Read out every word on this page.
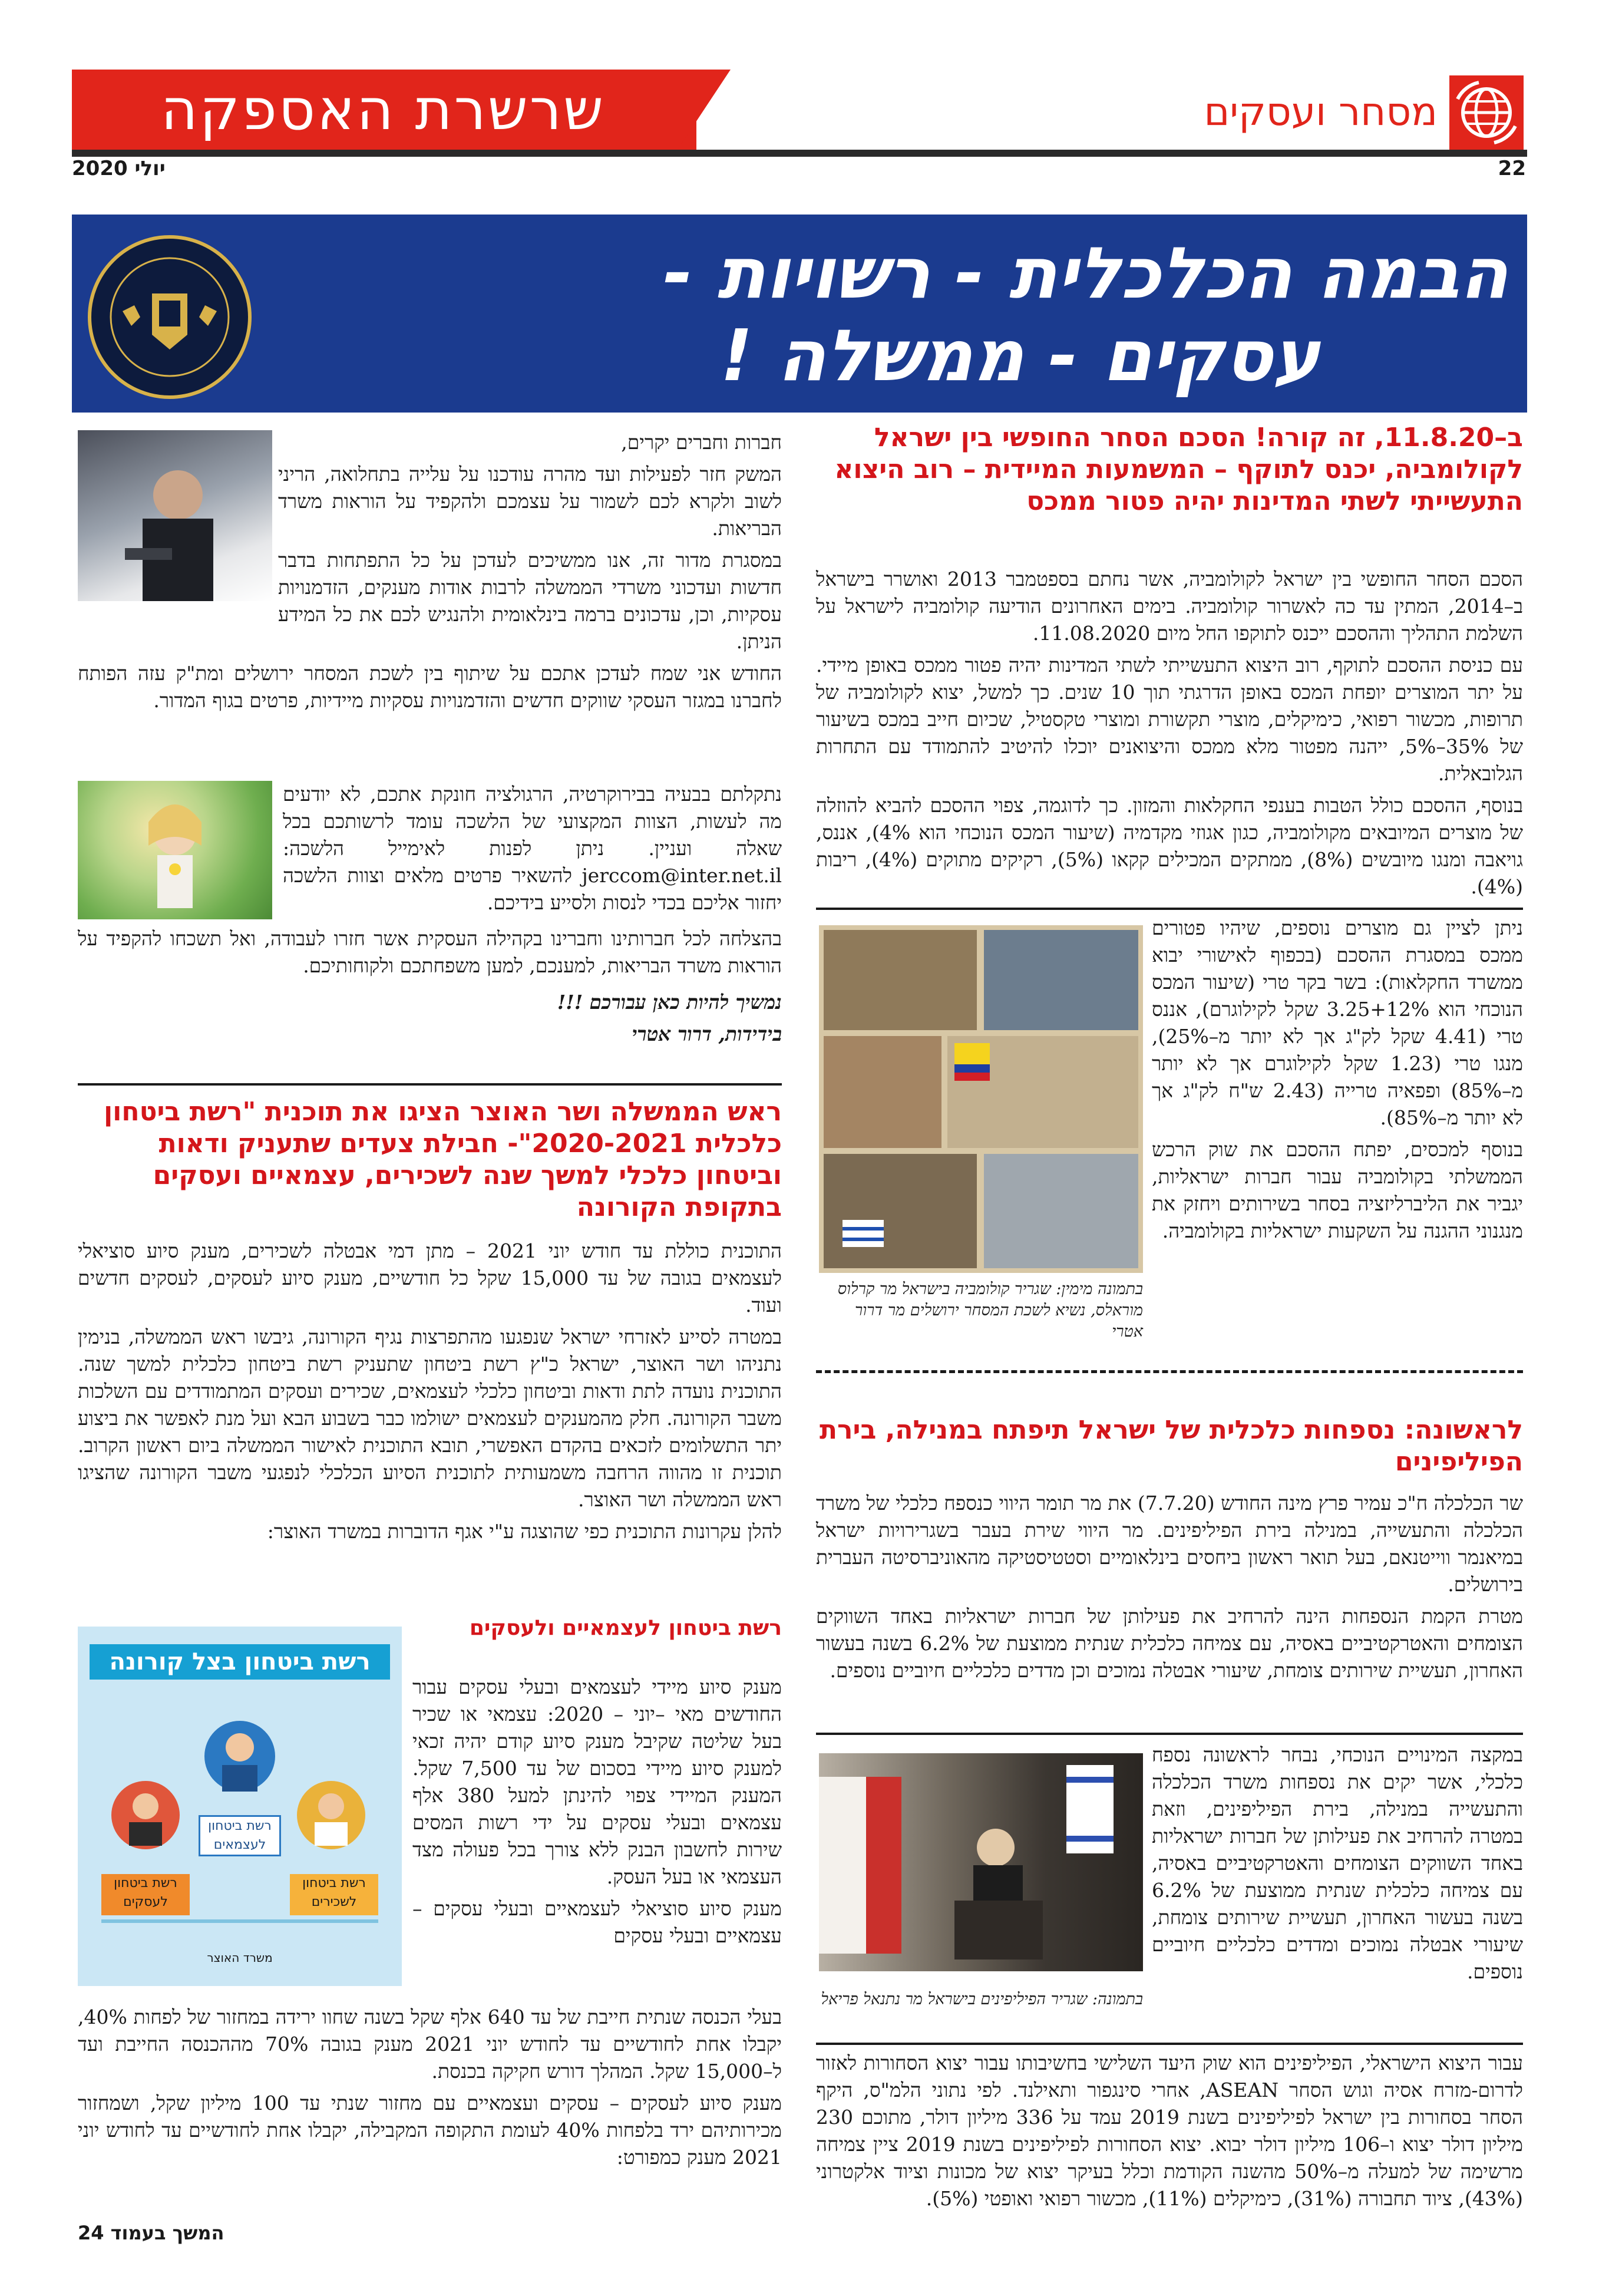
שרשרת האספקה	מסחר ועסקים
יולי 2020	22
הבמה הכלכלית - רשויות -
עסקים - ממשלה !
ב–11.8.20, זה קורה! הסכם הסחר החופשי בין ישראל לקולומביה, יכנס לתוקף – המשמעות המיידית – רוב היצוא התעשייתי לשתי המדינות יהיה פטור ממכס

הסכם הסחר החופשי בין ישראל לקולומביה, אשר נחתם בספטמבר 2013 ואושרר בישראל ב–2014, המתין עד כה לאשרור קולומביה. בימים האחרונים הודיעה קולומביה לישראל על השלמת התהליך וההסכם ייכנס לתוקפו החל מיום 11.08.2020.

עם כניסת ההסכם לתוקף, רוב היצוא התעשייתי לשתי המדינות יהיה פטור ממכס באופן מיידי. על יתר המוצרים יופחת המכס באופן הדרגתי תוך 10 שנים. כך למשל, יצוא לקולומביה של תרופות, מכשור רפואי, כימיקלים, מוצרי תקשורת ומוצרי טקסטיל, שכיום חייב במכס בשיעור של 35%–5%, ייהנה מפטור מלא ממכס והיצואנים יוכלו להיטיב להתמודד עם התחרות הגלובאלית.

בנוסף, ההסכם כולל הטבות בענפי החקלאות והמזון. כך לדוגמה, צפוי ההסכם להביא להוזלה של מוצרים המיובאים מקולומביה, כגון אגוזי מקדמיה (שיעור המכס הנוכחי הוא 4%), אננס, גויאבה ומנגו מיובשים (8%), ממתקים המכילים קקאו (5%), רקיקים מתוקים (4%), ריבות (4%).

ניתן לציין גם מוצרים נוספים, שיהיו פטורים ממכס במסגרת ההסכם (בכפוף לאישורי יבוא ממשרד החקלאות): בשר בקר טרי (שיעור המכס הנוכחי הוא 12%+3.25 שקל לקילוגרם), אננס טרי (4.41 שקל לק"ג אך לא יותר מ–25%), מנגו טרי (1.23 שקל לקילוגרם אך לא יותר מ–85%) ופפאיה טרייה (2.43 ש"ח לק"ג אך לא יותר מ–85%).

בנוסף למכסים, יפתח ההסכם את שוק הרכש הממשלתי בקולומביה עבור חברות ישראליות, יגביר את הליברליזציה בסחר בשירותים ויחזק את מנגנוני ההגנה על השקעות ישראליות בקולומביה.

בתמונה מימין: שגריר קולומביה בישראל מר קרלוס מוראלס, נשיא לשכת המסחר ירושלים מר דרור אטרי
לראשונה: נספחות כלכלית של ישראל תיפתח במנילה, בירת הפיליפינים

שר הכלכלה ח"כ עמיר פרץ מינה החודש (7.7.20) את מר תומר היווי כנספח כלכלי של משרד הכלכלה והתעשייה, במנילה בירת הפיליפינים. מר היווי שירת בעבר בשגרירויות ישראל במיאנמר ווייטנאם, בעל תואר ראשון ביחסים בינלאומיים וסטטיסטיקה מהאוניברסיטה העברית בירושלים.

מטרת הקמת הנספחות הינה להרחיב את פעילותן של חברות ישראליות באחד השווקים הצומחים והאטרקטיביים באסיה, עם צמיחה כלכלית שנתית ממוצעת של 6.2% בשנה בעשור האחרון, תעשיית שירותים צומחת, שיעורי אבטלה נמוכים וכן מדדים כלכליים חיוביים נוספים.

במקצה המינויים הנוכחי, נבחר לראשונה נספח כלכלי, אשר יקים את נספחות משרד הכלכלה והתעשייה במנילה, בירת הפיליפינים, וזאת במטרה להרחיב את פעילותן של חברות ישראליות באחד השווקים הצומחים והאטרקטיביים באסיה, עם צמיחה כלכלית שנתית ממוצעת של 6.2% בשנה בעשור האחרון, תעשיית שירותים צומחת, שיעורי אבטלה נמוכים ומדדים כלכליים חיוביים נוספים.

בתמונה: שגריר הפיליפינים בישראל מר נתנאל פריאל

עבור היצוא הישראלי, הפיליפינים הוא שוק היעד השלישי בחשיבותו עבור יצוא הסחורות לאזור לדרום-מזרח אסיה וגוש הסחר ASEAN, אחרי סינגפור ותאילנד. לפי נתוני הלמ"ס, היקף הסחר בסחורות בין ישראל לפיליפינים בשנת 2019 עמד על 336 מיליון דולר, מתוכם 230 מיליון דולר יצוא ו–106 מיליון דולר יבוא. יצוא הסחורות לפיליפינים בשנת 2019 ציין צמיחה מרשימה של למעלה מ–50% מהשנה הקודמת וכלל בעיקר יצוא של מכונות וציוד אלקטרוני (43%), ציוד תחבורה (31%), כימיקלים (11%), מכשור רפואי ואופטי (5%).

חברות וחברים יקרים,

המשק חזר לפעילות ועד מהרה עודכנו על עלייה בתחלואה, הריני לשוב ולקרא לכם לשמור על עצמכם ולהקפיד על הוראות משרד הבריאות.

במסגרת מדור זה, אנו ממשיכים לעדכן על כל התפתחות בדבר חדשות ועדכוני משרדי הממשלה לרבות אודות מענקים, הזדמנויות עסקיות, וכן, עדכונים ברמה בינלאומית ולהנגיש לכם את כל המידע הניתן.

החודש אני שמח לעדכן אתכם על שיתוף בין לשכת המסחר ירושלים ומת"ק עזה הפותח לחברנו במגזר העסקי שווקים חדשים והזדמנויות עסקיות מיידיות, פרטים בגוף המדור.

נתקלתם בבעיה בבירוקרטיה, הרגולציה חונקת אתכם, לא יודעים מה לעשות, הצוות המקצועי של הלשכה עומד לרשותכם בכל שאלה ועניין. ניתן לפנות לאימייל הלשכה: jerccom@inter.net.il להשאיר פרטים מלאים וצוות הלשכה יחזור אליכם בכדי לנסות ולסייע בידיכם.

בהצלחה לכל חברותינו וחברינו בקהילה העסקית אשר חזרו לעבודה, ואל תשכחו להקפיד על הוראות משרד הבריאות, למענכם, למען משפחתכם ולקוחותיכם.

נמשיך להיות כאן עבורכם !!!

בידידות, דרור אטרי

ראש הממשלה ושר האוצר הציגו את תוכנית "רשת ביטחון כלכלית 2020-2021"- חבילת צעדים שתעניק ודאות וביטחון כלכלי למשך שנה לשכירים, עצמאיים ועסקים בתקופת הקורונה

התוכנית כוללת עד חודש יוני 2021 – מתן דמי אבטלה לשכירים, מענק סיוע סוציאלי לעצמאים בגובה של עד 15,000 שקל כל חודשיים, מענק סיוע לעסקים, לעסקים חדשים ועוד.

במטרה לסייע לאזרחי ישראל שנפגעו מהתפרצות נגיף הקורונה, גיבשו ראש הממשלה, בנימין נתניהו ושר האוצר, ישראל כ"ץ רשת ביטחון שתעניק רשת ביטחון כלכלית למשך שנה. התוכנית נועדה לתת ודאות וביטחון כלכלי לעצמאים, שכירים ועסקים המתמודדים עם השלכות משבר הקורונה. חלק מהמענקים לעצמאים ישולמו כבר בשבוע הבא ועל מנת לאפשר את ביצוע יתר התשלומים לזכאים בהקדם האפשרי, תובא התוכנית לאישור הממשלה ביום ראשון הקרוב. תוכנית זו מהווה הרחבה משמעותית לתוכנית הסיוע הכלכלי לנפגעי משבר הקורונה שהציגו ראש הממשלה ושר האוצר.

להלן עקרונות התוכנית כפי שהוצגה ע"י אגף הדוברות במשרד האוצר:

רשת ביטחון לעצמאיים ולעסקים

מענק סיוע מיידי לעצמאים ובעלי עסקים עבור החודשים מאי –יוני – 2020: עצמאי או שכיר בעל שליטה שקיבל מענק סיוע קודם יהיה זכאי למענק סיוע מיידי בסכום של עד 7,500 שקל. המענק המיידי צפוי להינתן למעל 380 אלף עצמאים ובעלי עסקים על ידי רשות המסים שירות לחשבון הבנק ללא צורך בכל פעולה מצד העצמאי או בעל העסק.

מענק סיוע סוציאלי לעצמאיים ובעלי עסקים – עצמאיים ובעלי עסקים

רשת ביטחון בצל קורונה
רשת ביטחון לעצמאים
רשת ביטחון לשכירים
רשת ביטחון לעסקים
משרד האוצר

בעלי הכנסה שנתית חייבת של עד 640 אלף שקל בשנה שחוו ירידה במחזור של לפחות 40%, יקבלו אחת לחודשיים עד לחודש יוני 2021 מענק בגובה 70% מההכנסה החייבת ועד ל–15,000 שקל. המהלך דורש חקיקה בכנסת.

מענק סיוע לעסקים – עסקים ועצמאיים עם מחזור שנתי עד 100 מיליון שקל, ושמחזור מכירותיהם ירד בלפחות 40% לעומת התקופה המקבילה, יקבלו אחת לחודשיים עד לחודש יוני 2021 מענק כמפורט:

המשך בעמוד 24
